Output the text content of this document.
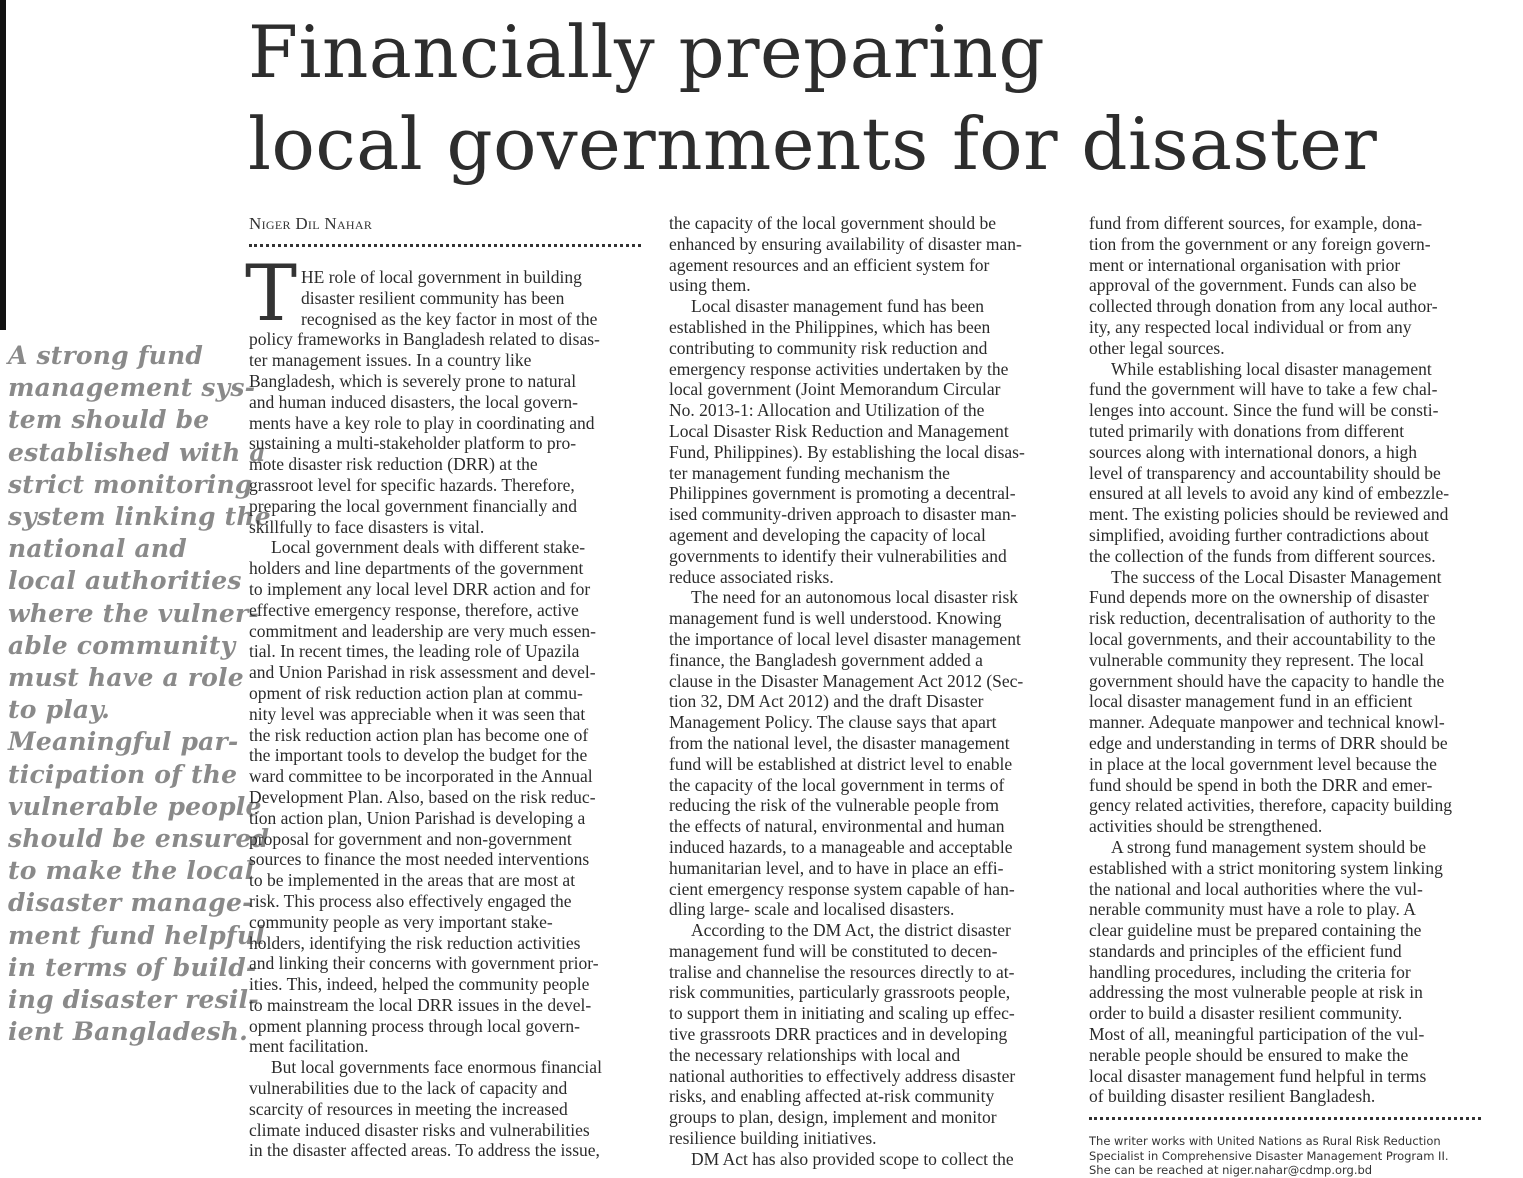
Financially preparing
local governments for disaster
A strong fund
management sys-
tem should be
established with a
strict monitoring
system linking the
national and
local authorities
where the vulner-
able community
must have a role
to play.
Meaningful par-
ticipation of the
vulnerable people
should be ensured
to make the local
disaster manage-
ment fund helpful
in terms of build-
ing disaster resil-
ient Bangladesh.
Niger Dil Nahar
T HE role of local government in building
disaster resilient community has been
recognised as the key factor in most of the
policy frameworks in Bangladesh related to disas-
ter management issues. In a country like
Bangladesh, which is severely prone to natural
and human induced disasters, the local govern-
ments have a key role to play in coordinating and
sustaining a multi-stakeholder platform to pro-
mote disaster risk reduction (DRR) at the
grassroot level for specific hazards. Therefore,
preparing the local government financially and
skillfully to face disasters is vital.
Local government deals with different stake-
holders and line departments of the government
to implement any local level DRR action and for
effective emergency response, therefore, active
commitment and leadership are very much essen-
tial. In recent times, the leading role of Upazila
and Union Parishad in risk assessment and devel-
opment of risk reduction action plan at commu-
nity level was appreciable when it was seen that
the risk reduction action plan has become one of
the important tools to develop the budget for the
ward committee to be incorporated in the Annual
Development Plan. Also, based on the risk reduc-
tion action plan, Union Parishad is developing a
proposal for government and non-government
sources to finance the most needed interventions
to be implemented in the areas that are most at
risk. This process also effectively engaged the
community people as very important stake-
holders, identifying the risk reduction activities
and linking their concerns with government prior-
ities. This, indeed, helped the community people
to mainstream the local DRR issues in the devel-
opment planning process through local govern-
ment facilitation.
But local governments face enormous financial
vulnerabilities due to the lack of capacity and
scarcity of resources in meeting the increased
climate induced disaster risks and vulnerabilities
in the disaster affected areas. To address the issue,
the capacity of the local government should be
enhanced by ensuring availability of disaster man-
agement resources and an efficient system for
using them.
Local disaster management fund has been
established in the Philippines, which has been
contributing to community risk reduction and
emergency response activities undertaken by the
local government (Joint Memorandum Circular
No. 2013-1: Allocation and Utilization of the
Local Disaster Risk Reduction and Management
Fund, Philippines). By establishing the local disas-
ter management funding mechanism the
Philippines government is promoting a decentral-
ised community-driven approach to disaster man-
agement and developing the capacity of local
governments to identify their vulnerabilities and
reduce associated risks.
The need for an autonomous local disaster risk
management fund is well understood. Knowing
the importance of local level disaster management
finance, the Bangladesh government added a
clause in the Disaster Management Act 2012 (Sec-
tion 32, DM Act 2012) and the draft Disaster
Management Policy. The clause says that apart
from the national level, the disaster management
fund will be established at district level to enable
the capacity of the local government in terms of
reducing the risk of the vulnerable people from
the effects of natural, environmental and human
induced hazards, to a manageable and acceptable
humanitarian level, and to have in place an effi-
cient emergency response system capable of han-
dling large- scale and localised disasters.
According to the DM Act, the district disaster
management fund will be constituted to decen-
tralise and channelise the resources directly to at-
risk communities, particularly grassroots people,
to support them in initiating and scaling up effec-
tive grassroots DRR practices and in developing
the necessary relationships with local and
national authorities to effectively address disaster
risks, and enabling affected at-risk community
groups to plan, design, implement and monitor
resilience building initiatives.
DM Act has also provided scope to collect the
fund from different sources, for example, dona-
tion from the government or any foreign govern-
ment or international organisation with prior
approval of the government. Funds can also be
collected through donation from any local author-
ity, any respected local individual or from any
other legal sources.
While establishing local disaster management
fund the government will have to take a few chal-
lenges into account. Since the fund will be consti-
tuted primarily with donations from different
sources along with international donors, a high
level of transparency and accountability should be
ensured at all levels to avoid any kind of embezzle-
ment. The existing policies should be reviewed and
simplified, avoiding further contradictions about
the collection of the funds from different sources.
The success of the Local Disaster Management
Fund depends more on the ownership of disaster
risk reduction, decentralisation of authority to the
local governments, and their accountability to the
vulnerable community they represent. The local
government should have the capacity to handle the
local disaster management fund in an efficient
manner. Adequate manpower and technical knowl-
edge and understanding in terms of DRR should be
in place at the local government level because the
fund should be spend in both the DRR and emer-
gency related activities, therefore, capacity building
activities should be strengthened.
A strong fund management system should be
established with a strict monitoring system linking
the national and local authorities where the vul-
nerable community must have a role to play. A
clear guideline must be prepared containing the
standards and principles of the efficient fund
handling procedures, including the criteria for
addressing the most vulnerable people at risk in
order to build a disaster resilient community.
Most of all, meaningful participation of the vul-
nerable people should be ensured to make the
local disaster management fund helpful in terms
of building disaster resilient Bangladesh.
The writer works with United Nations as Rural Risk Reduction
Specialist in Comprehensive Disaster Management Program II.
She can be reached at niger.nahar@cdmp.org.bd
